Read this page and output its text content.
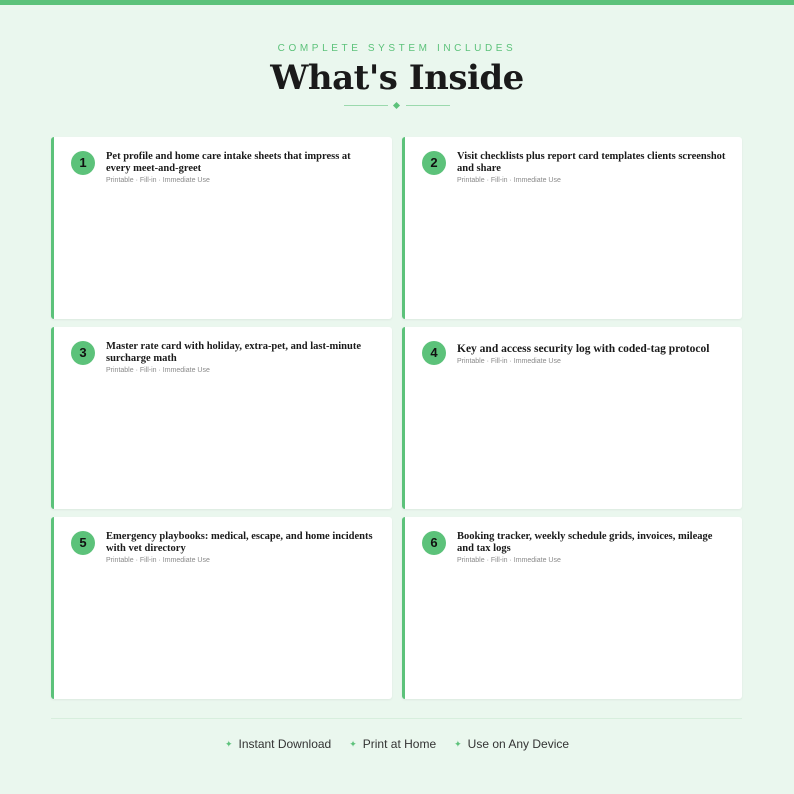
COMPLETE SYSTEM INCLUDES
What's Inside
1	Pet profile and home care intake sheets that impress at every meet-and-greet
Printable · Fill-in · Immediate Use
2	Visit checklists plus report card templates clients screenshot and share
Printable · Fill-in · Immediate Use
3	Master rate card with holiday, extra-pet, and last-minute surcharge math
Printable · Fill-in · Immediate Use
4	Key and access security log with coded-tag protocol
Printable · Fill-in · Immediate Use
5	Emergency playbooks: medical, escape, and home incidents with vet directory
Printable · Fill-in · Immediate Use
6	Booking tracker, weekly schedule grids, invoices, mileage and tax logs
Printable · Fill-in · Immediate Use
✦ Instant Download ✦ Print at Home ✦ Use on Any Device
